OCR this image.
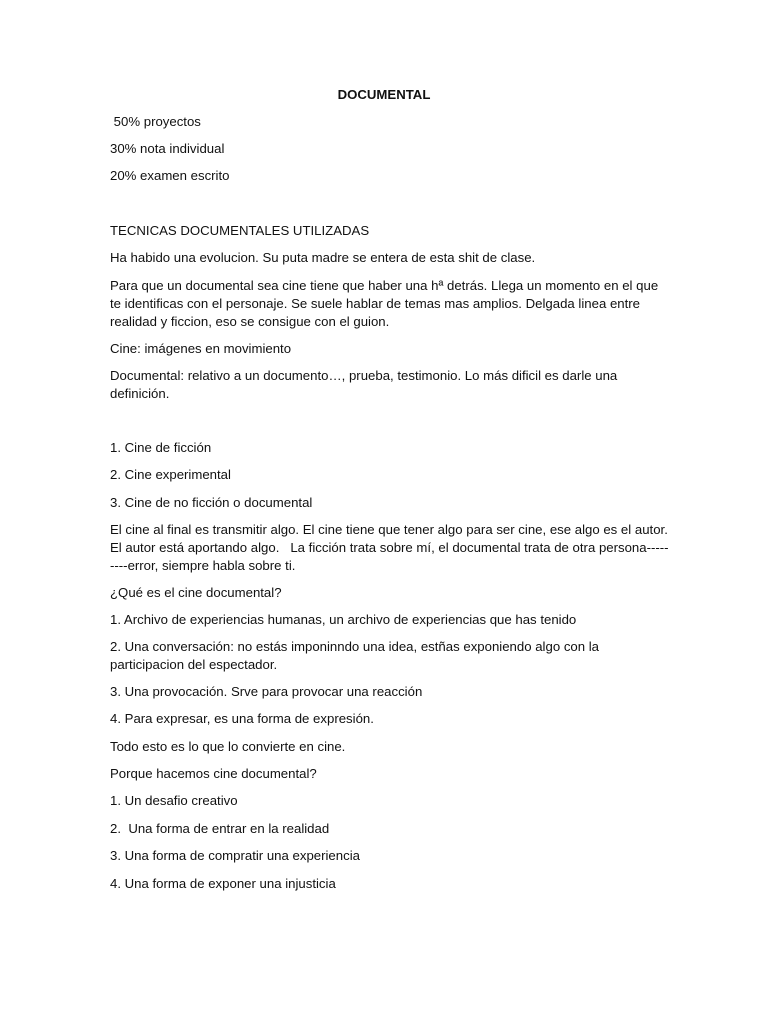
DOCUMENTAL
50% proyectos
30% nota individual
20% examen escrito
TECNICAS DOCUMENTALES UTILIZADAS
Ha habido una evolucion. Su puta madre se entera de esta shit de clase.
Para que un documental sea cine tiene que haber una hª detrás. Llega un momento en el que te identificas con el personaje. Se suele hablar de temas mas amplios. Delgada linea entre realidad y ficcion, eso se consigue con el guion.
Cine: imágenes en movimiento
Documental: relativo a un documento…, prueba, testimonio. Lo más dificil es darle una definición.
1. Cine de ficción
2. Cine experimental
3. Cine de no ficción o documental
El cine al final es transmitir algo. El cine tiene que tener algo para ser cine, ese algo es el autor. El autor está aportando algo.   La ficción trata sobre mí, el documental trata de otra persona---------error, siempre habla sobre ti.
¿Qué es el cine documental?
1. Archivo de experiencias humanas, un archivo de experiencias que has tenido
2. Una conversación: no estás imponinndo una idea, estñas exponiendo algo con la participacion del espectador.
3. Una provocación. Srve para provocar una reacción
4. Para expresar, es una forma de expresión.
Todo esto es lo que lo convierte en cine.
Porque hacemos cine documental?
1. Un desafio creativo
2.  Una forma de entrar en la realidad
3. Una forma de compratir una experiencia
4. Una forma de exponer una injusticia
